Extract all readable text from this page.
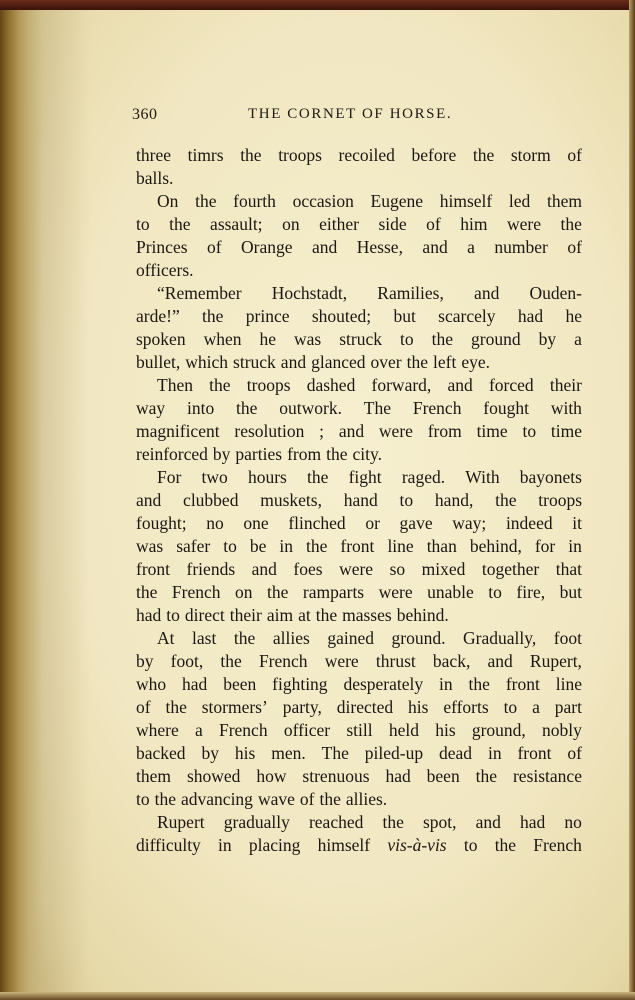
360	THE CORNET OF HORSE.
three timrs the troops recoiled before the storm of
balls.
On the fourth occasion Eugene himself led them
to the assault; on either side of him were the
Princes of Orange and Hesse, and a number of
officers.
“Remember Hochstadt, Ramilies, and Ouden-
arde!” the prince shouted; but scarcely had he
spoken when he was struck to the ground by a
bullet, which struck and glanced over the left eye.
Then the troops dashed forward, and forced their
way into the outwork. The French fought with
magnificent resolution ; and were from time to time
reinforced by parties from the city.
For two hours the fight raged. With bayonets
and clubbed muskets, hand to hand, the troops
fought; no one flinched or gave way; indeed it
was safer to be in the front line than behind, for in
front friends and foes were so mixed together that
the French on the ramparts were unable to fire, but
had to direct their aim at the masses behind.
At last the allies gained ground. Gradually, foot
by foot, the French were thrust back, and Rupert,
who had been fighting desperately in the front line
of the stormers’ party, directed his efforts to a part
where a French officer still held his ground, nobly
backed by his men. The piled-up dead in front of
them showed how strenuous had been the resistance
to the advancing wave of the allies.
Rupert gradually reached the spot, and had no
difficulty in placing himself vis-à-vis to the French
